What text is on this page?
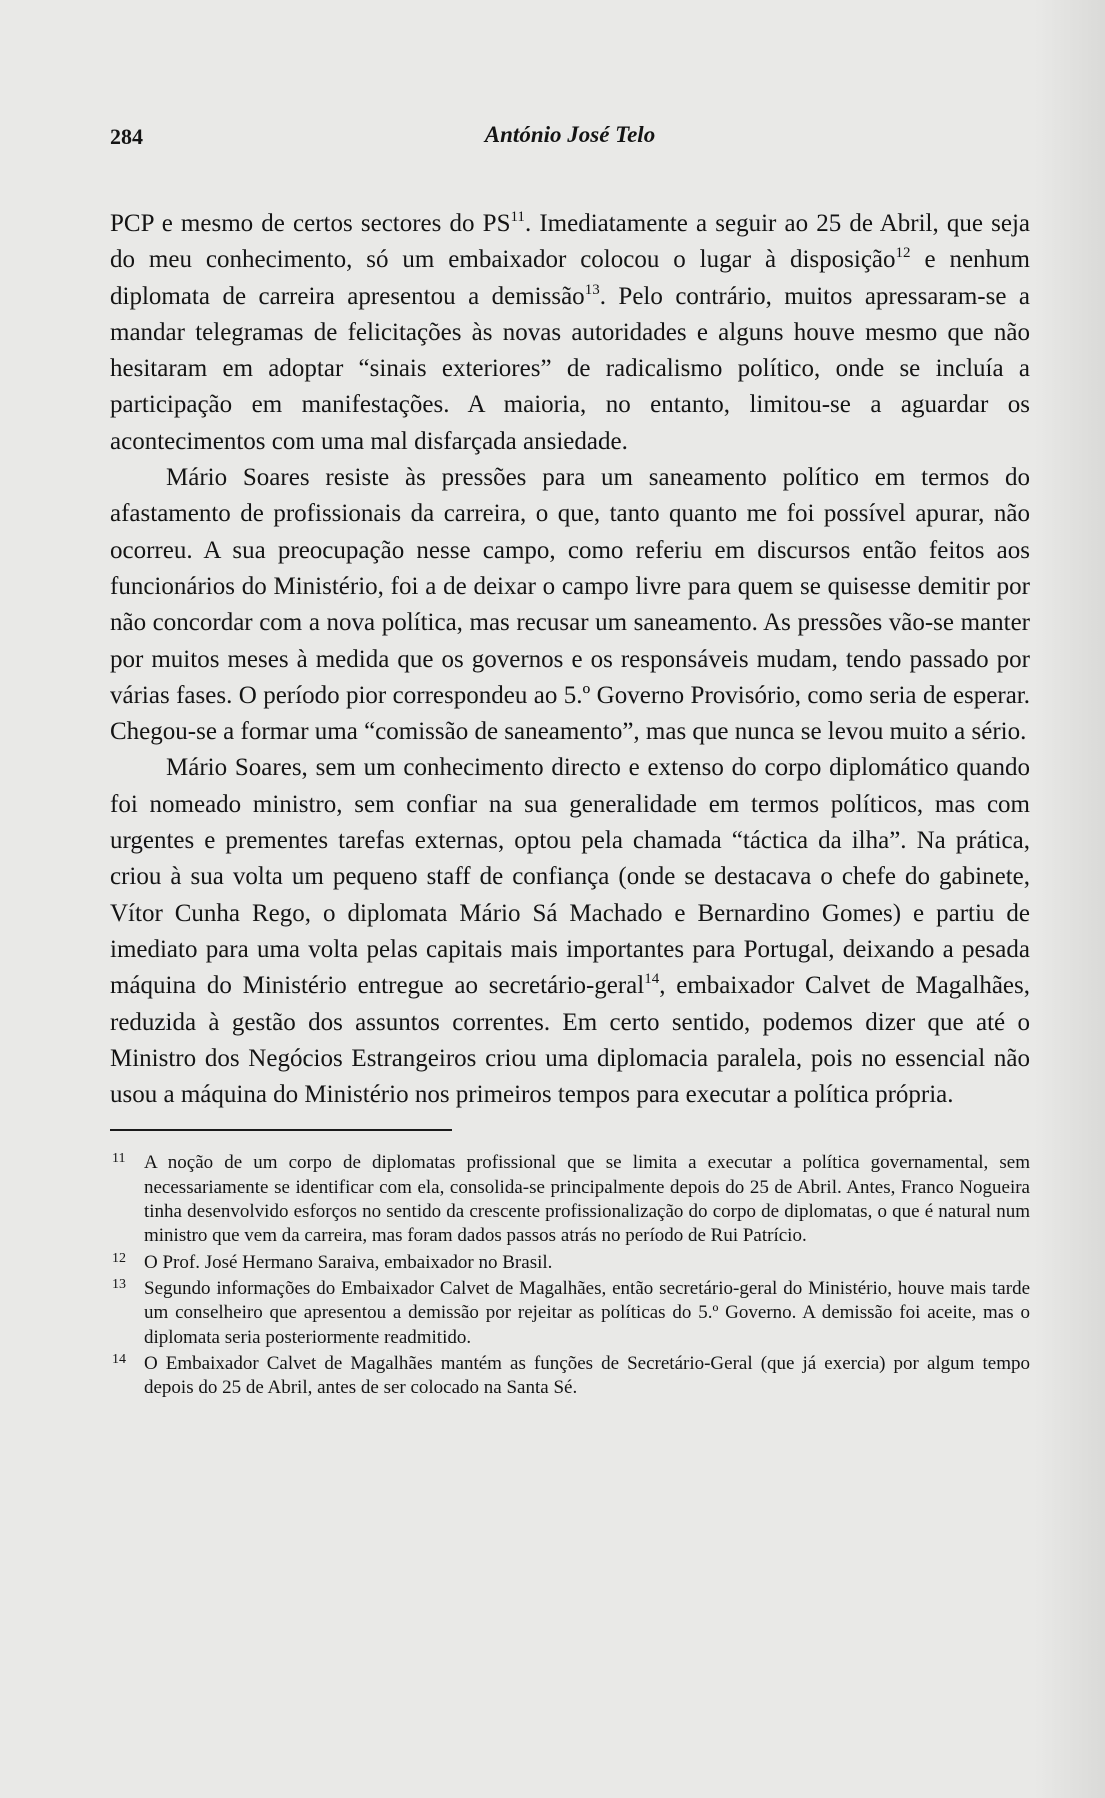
284	António José Telo

PCP e mesmo de certos sectores do PS$^{11}$. Imediatamente a seguir ao 25 de Abril, que seja do meu conhecimento, só um embaixador colocou o lugar à disposição$^{12}$ e nenhum diplomata de carreira apresentou a demissão$^{13}$. Pelo contrário, muitos apressaram-se a mandar telegramas de felicitações às novas autoridades e alguns houve mesmo que não hesitaram em adoptar “sinais exteriores” de radicalismo político, onde se incluía a participação em manifestações. A maioria, no entanto, limitou-se a aguardar os acontecimentos com uma mal disfarçada ansiedade.

Mário Soares resiste às pressões para um saneamento político em termos do afastamento de profissionais da carreira, o que, tanto quanto me foi possível apurar, não ocorreu. A sua preocupação nesse campo, como referiu em discursos então feitos aos funcionários do Ministério, foi a de deixar o campo livre para quem se quisesse demitir por não concordar com a nova política, mas recusar um saneamento. As pressões vão-se manter por muitos meses à medida que os governos e os responsáveis mudam, tendo passado por várias fases. O período pior correspondeu ao 5.º Governo Provisório, como seria de esperar. Chegou-se a formar uma “comissão de saneamento”, mas que nunca se levou muito a sério.

Mário Soares, sem um conhecimento directo e extenso do corpo diplomático quando foi nomeado ministro, sem confiar na sua generalidade em termos políticos, mas com urgentes e prementes tarefas externas, optou pela chamada “táctica da ilha”. Na prática, criou à sua volta um pequeno staff de confiança (onde se destacava o chefe do gabinete, Vítor Cunha Rego, o diplomata Mário Sá Machado e Bernardino Gomes) e partiu de imediato para uma volta pelas capitais mais importantes para Portugal, deixando a pesada máquina do Ministério entregue ao secretário-geral$^{14}$, embaixador Calvet de Magalhães, reduzida à gestão dos assuntos correntes. Em certo sentido, podemos dizer que até o Ministro dos Negócios Estrangeiros criou uma diplomacia paralela, pois no essencial não usou a máquina do Ministério nos primeiros tempos para executar a política própria.

11 A noção de um corpo de diplomatas profissional que se limita a executar a política governamental, sem necessariamente se identificar com ela, consolida-se principalmente depois do 25 de Abril. Antes, Franco Nogueira tinha desenvolvido esforços no sentido da crescente profissionalização do corpo de diplomatas, o que é natural num ministro que vem da carreira, mas foram dados passos atrás no período de Rui Patrício.
12 O Prof. José Hermano Saraiva, embaixador no Brasil.
13 Segundo informações do Embaixador Calvet de Magalhães, então secretário-geral do Ministério, houve mais tarde um conselheiro que apresentou a demissão por rejeitar as políticas do 5.º Governo. A demissão foi aceite, mas o diplomata seria posteriormente readmitido.
14 O Embaixador Calvet de Magalhães mantém as funções de Secretário-Geral (que já exercia) por algum tempo depois do 25 de Abril, antes de ser colocado na Santa Sé.
